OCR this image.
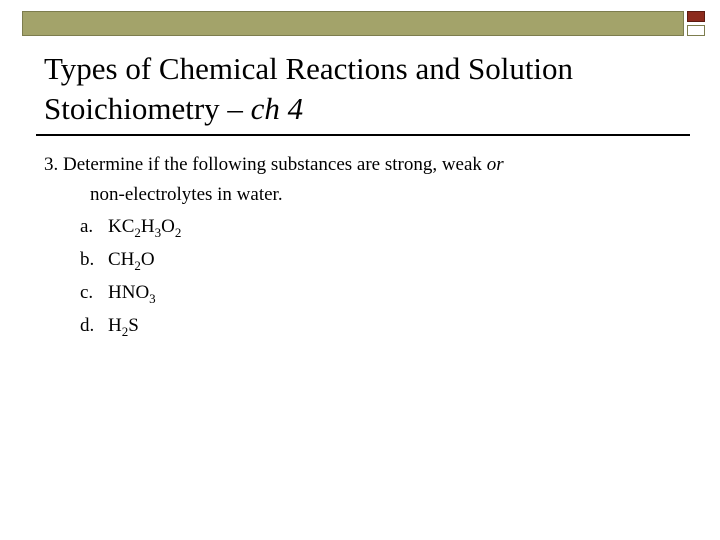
Types of Chemical Reactions and Solution
Stoichiometry – ch 4

3. Determine if the following substances are strong, weak or

non-electrolytes in water.

a. $KC_2H_3O_2$
b. $CH_2O$
c. $HNO_3$
d. $H_2S$
